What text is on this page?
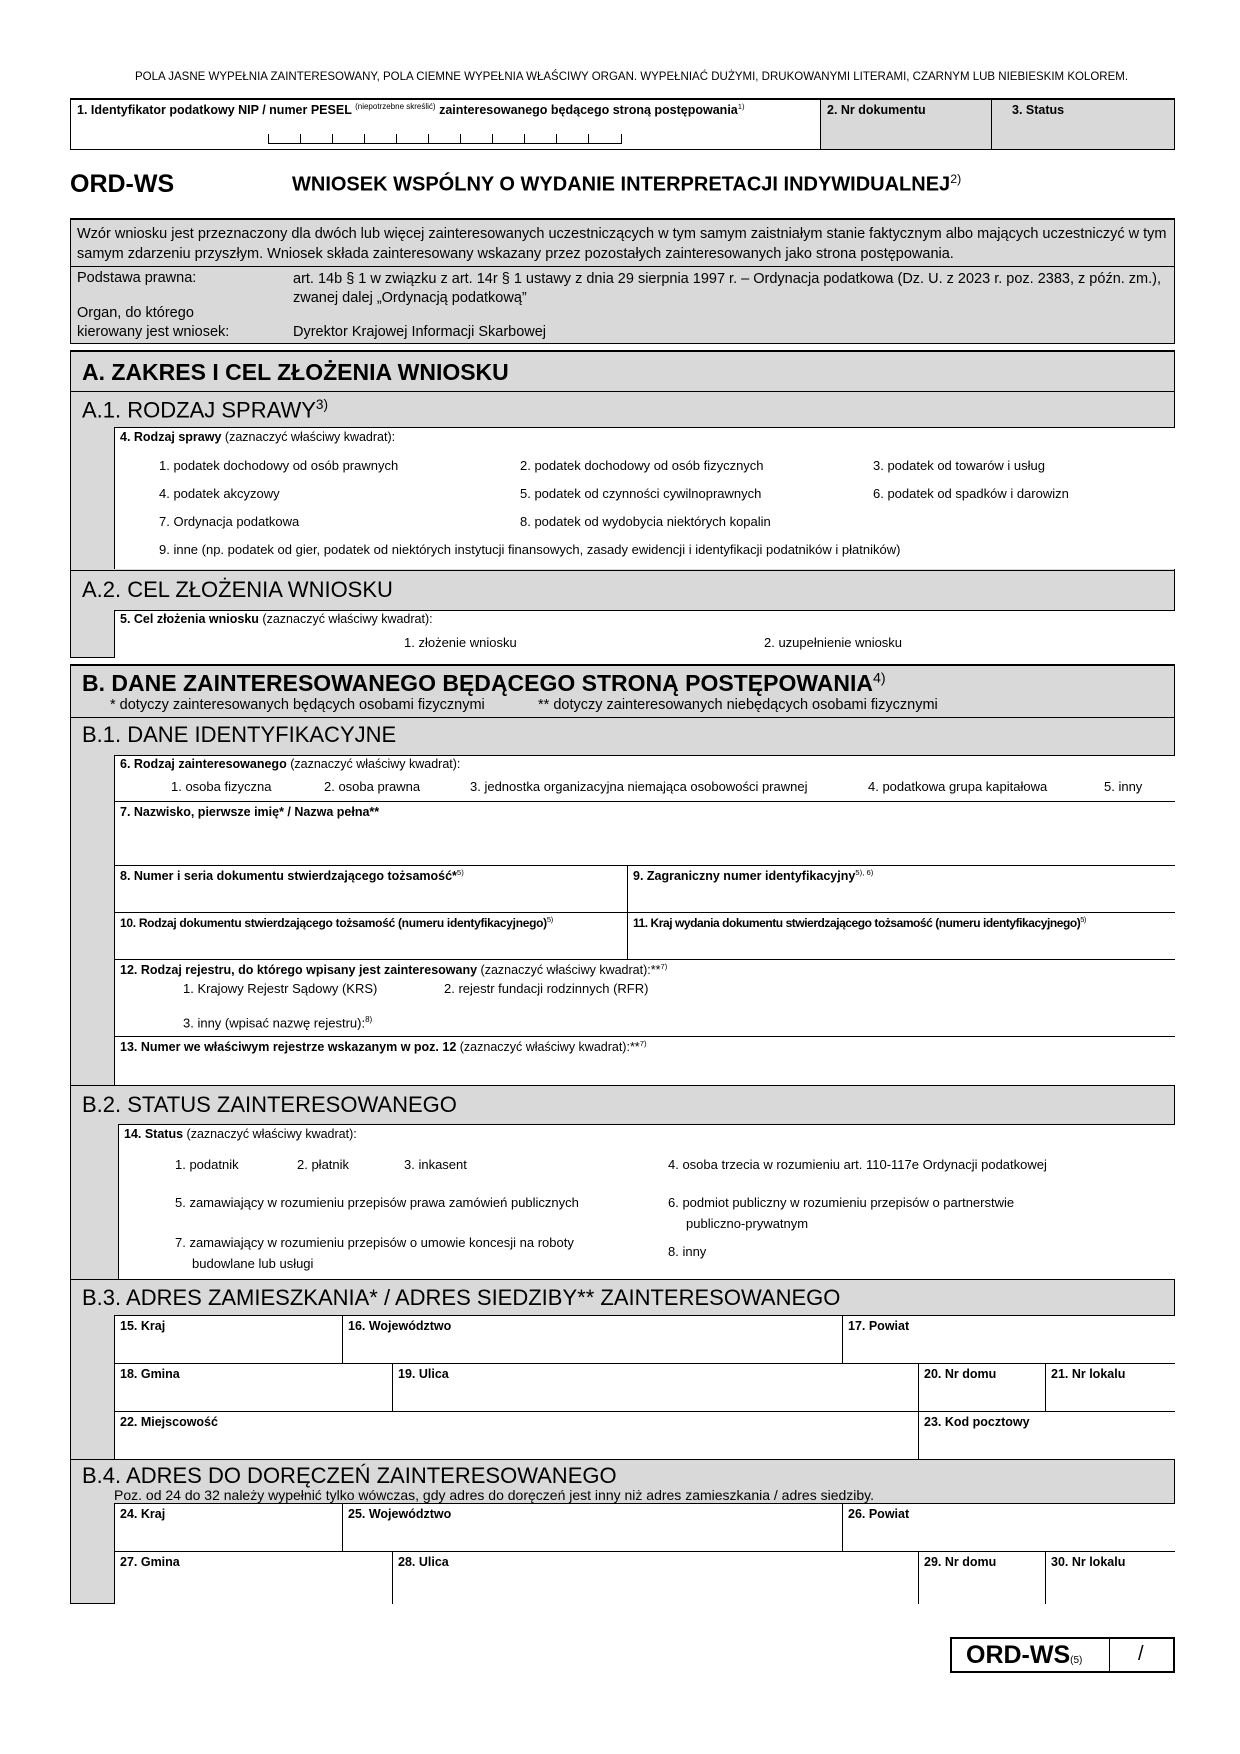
POLA JASNE WYPEŁNIA ZAINTERESOWANY, POLA CIEMNE WYPEŁNIA WŁAŚCIWY ORGAN. WYPEŁNIAĆ DUŻYMI, DRUKOWANYMI LITERAMI, CZARNYM LUB NIEBIESKIM KOLOREM.
1. Identyfikator podatkowy NIP / numer PESEL $^{(niepotrzebne skreślić)}$ zainteresowanego będącego stroną postępowania$^{1)}$	2. Nr dokumentu	3. Status
ORD-WS	WNIOSEK WSPÓLNY O WYDANIE INTERPRETACJI INDYWIDUALNEJ$^{2)}$
Wzór wniosku jest przeznaczony dla dwóch lub więcej zainteresowanych uczestniczących w tym samym zaistniałym stanie faktycznym albo mających uczestniczyć w tym samym zdarzeniu przyszłym. Wniosek składa zainteresowany wskazany przez pozostałych zainteresowanych jako strona postępowania.
Podstawa prawna:	art. 14b § 1 w związku z art. 14r § 1 ustawy z dnia 29 sierpnia 1997 r. – Ordynacja podatkowa (Dz. U. z 2023 r. poz. 2383, z późn. zm.), zwanej dalej „Ordynacją podatkową”
Organ, do którego
kierowany jest wniosek:	Dyrektor Krajowej Informacji Skarbowej
A. ZAKRES I CEL ZŁOŻENIA WNIOSKU
A.1. RODZAJ SPRAWY$^{3)}$
4. Rodzaj sprawy (zaznaczyć właściwy kwadrat):
1. podatek dochodowy od osób prawnych	2. podatek dochodowy od osób fizycznych	3. podatek od towarów i usług
4. podatek akcyzowy	5. podatek od czynności cywilnoprawnych	6. podatek od spadków i darowizn
7. Ordynacja podatkowa	8. podatek od wydobycia niektórych kopalin
9. inne (np. podatek od gier, podatek od niektórych instytucji finansowych, zasady ewidencji i identyfikacji podatników i płatników)
A.2. CEL ZŁOŻENIA WNIOSKU
5. Cel złożenia wniosku (zaznaczyć właściwy kwadrat):
1. złożenie wniosku	2. uzupełnienie wniosku
B. DANE ZAINTERESOWANEGO BĘDĄCEGO STRONĄ POSTĘPOWANIA$^{4)}$
* dotyczy zainteresowanych będących osobami fizycznymi	** dotyczy zainteresowanych niebędących osobami fizycznymi
B.1. DANE IDENTYFIKACYJNE
6. Rodzaj zainteresowanego (zaznaczyć właściwy kwadrat):
1. osoba fizyczna	2. osoba prawna	3. jednostka organizacyjna niemająca osobowości prawnej	4. podatkowa grupa kapitałowa	5. inny
7. Nazwisko, pierwsze imię* / Nazwa pełna**
8. Numer i seria dokumentu stwierdzającego tożsamość*$^{5)}$	9. Zagraniczny numer identyfikacyjny$^{5), 6)}$
10. Rodzaj dokumentu stwierdzającego tożsamość (numeru identyfikacyjnego)$^{5)}$	11. Kraj wydania dokumentu stwierdzającego tożsamość (numeru identyfikacyjnego)$^{5)}$
12. Rodzaj rejestru, do którego wpisany jest zainteresowany (zaznaczyć właściwy kwadrat):**$^{7)}$
1. Krajowy Rejestr Sądowy (KRS)	2. rejestr fundacji rodzinnych (RFR)
3. inny (wpisać nazwę rejestru):$^{8)}$
13. Numer we właściwym rejestrze wskazanym w poz. 12 (zaznaczyć właściwy kwadrat):**$^{7)}$
B.2. STATUS ZAINTERESOWANEGO
14. Status (zaznaczyć właściwy kwadrat):
1. podatnik	2. płatnik	3. inkasent	4. osoba trzecia w rozumieniu art. 110-117e Ordynacji podatkowej
5. zamawiający w rozumieniu przepisów prawa zamówień publicznych	6. podmiot publiczny w rozumieniu przepisów o partnerstwie
publiczno-prywatnym
7. zamawiający w rozumieniu przepisów o umowie koncesji na roboty
budowlane lub usługi
8. inny
B.3. ADRES ZAMIESZKANIA* / ADRES SIEDZIBY** ZAINTERESOWANEGO
15. Kraj	16. Województwo	17. Powiat
18. Gmina	19. Ulica	20. Nr domu	21. Nr lokalu
22. Miejscowość	23. Kod pocztowy
B.4. ADRES DO DORĘCZEŃ ZAINTERESOWANEGO
Poz. od 24 do 32 należy wypełnić tylko wówczas, gdy adres do doręczeń jest inny niż adres zamieszkania / adres siedziby.
24. Kraj	25. Województwo	26. Powiat
27. Gmina	28. Ulica	29. Nr domu	30. Nr lokalu
ORD-WS(5)	/
